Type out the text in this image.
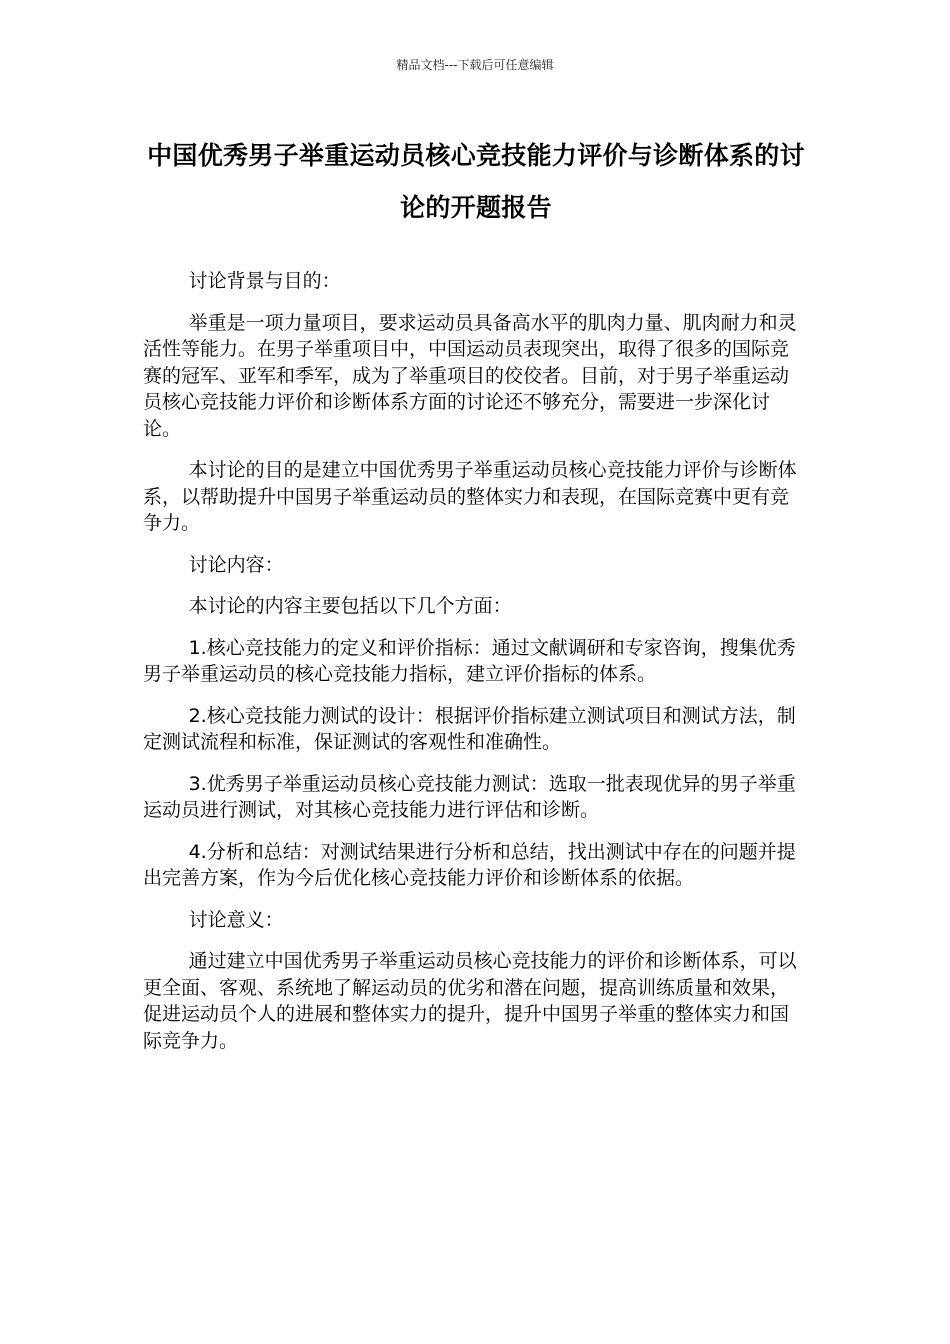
精品文档---下载后可任意编辑
中国优秀男子举重运动员核心竞技能力评价与诊断体系的讨论的开题报告

讨论背景与目的：

举重是一项力量项目，要求运动员具备高水平的肌肉力量、肌肉耐力和灵活性等能力。在男子举重项目中，中国运动员表现突出，取得了很多的国际竞赛的冠军、亚军和季军，成为了举重项目的佼佼者。目前，对于男子举重运动员核心竞技能力评价和诊断体系方面的讨论还不够充分，需要进一步深化讨论。

本讨论的目的是建立中国优秀男子举重运动员核心竞技能力评价与诊断体系，以帮助提升中国男子举重运动员的整体实力和表现，在国际竞赛中更有竞争力。

讨论内容：

本讨论的内容主要包括以下几个方面：

1.核心竞技能力的定义和评价指标：通过文献调研和专家咨询，搜集优秀男子举重运动员的核心竞技能力指标，建立评价指标的体系。

2.核心竞技能力测试的设计：根据评价指标建立测试项目和测试方法，制定测试流程和标准，保证测试的客观性和准确性。

3.优秀男子举重运动员核心竞技能力测试：选取一批表现优异的男子举重运动员进行测试，对其核心竞技能力进行评估和诊断。

4.分析和总结：对测试结果进行分析和总结，找出测试中存在的问题并提出完善方案，作为今后优化核心竞技能力评价和诊断体系的依据。

讨论意义：

通过建立中国优秀男子举重运动员核心竞技能力的评价和诊断体系，可以更全面、客观、系统地了解运动员的优劣和潜在问题，提高训练质量和效果，促进运动员个人的进展和整体实力的提升，提升中国男子举重的整体实力和国际竞争力。
